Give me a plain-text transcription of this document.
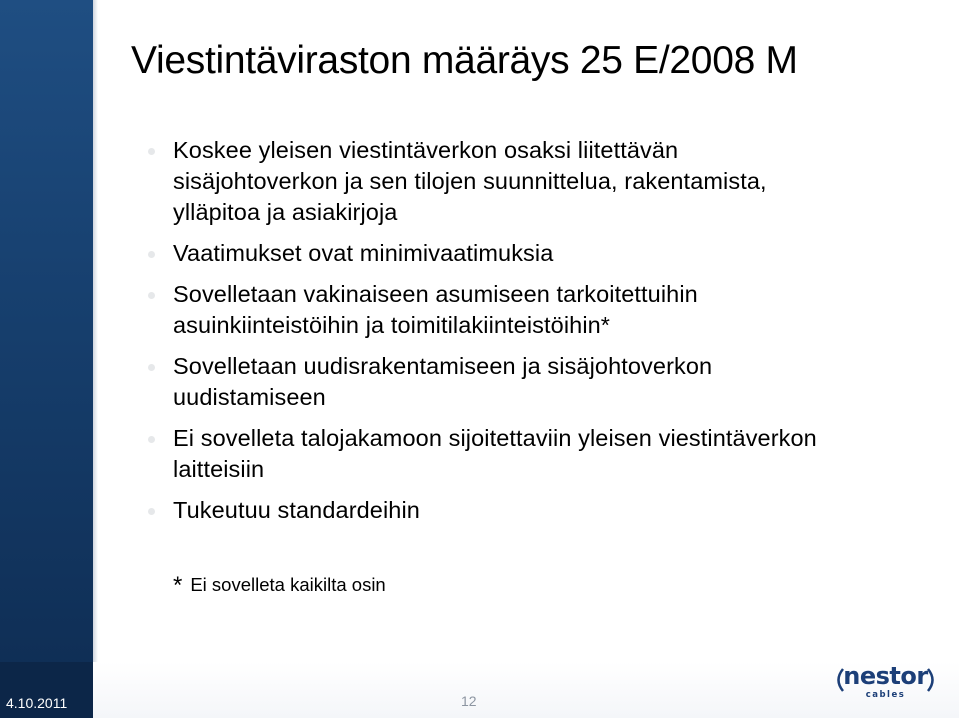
Viestintäviraston määräys 25 E/2008 M
Koskee yleisen viestintäverkon osaksi liitettävän
sisäjohtoverkon ja sen tilojen suunnittelua, rakentamista,
ylläpitoa ja asiakirjoja
Vaatimukset ovat minimivaatimuksia
Sovelletaan vakinaiseen asumiseen tarkoitettuihin
asuinkiinteistöihin ja toimitilakiinteistöihin*
Sovelletaan uudisrakentamiseen ja sisäjohtoverkon
uudistamiseen
Ei sovelleta talojakamoon sijoitettaviin yleisen viestintäverkon
laitteisiin
Tukeutuu standardeihin
* Ei sovelleta kaikilta osin
4.10.2011	12
nestor
cables
